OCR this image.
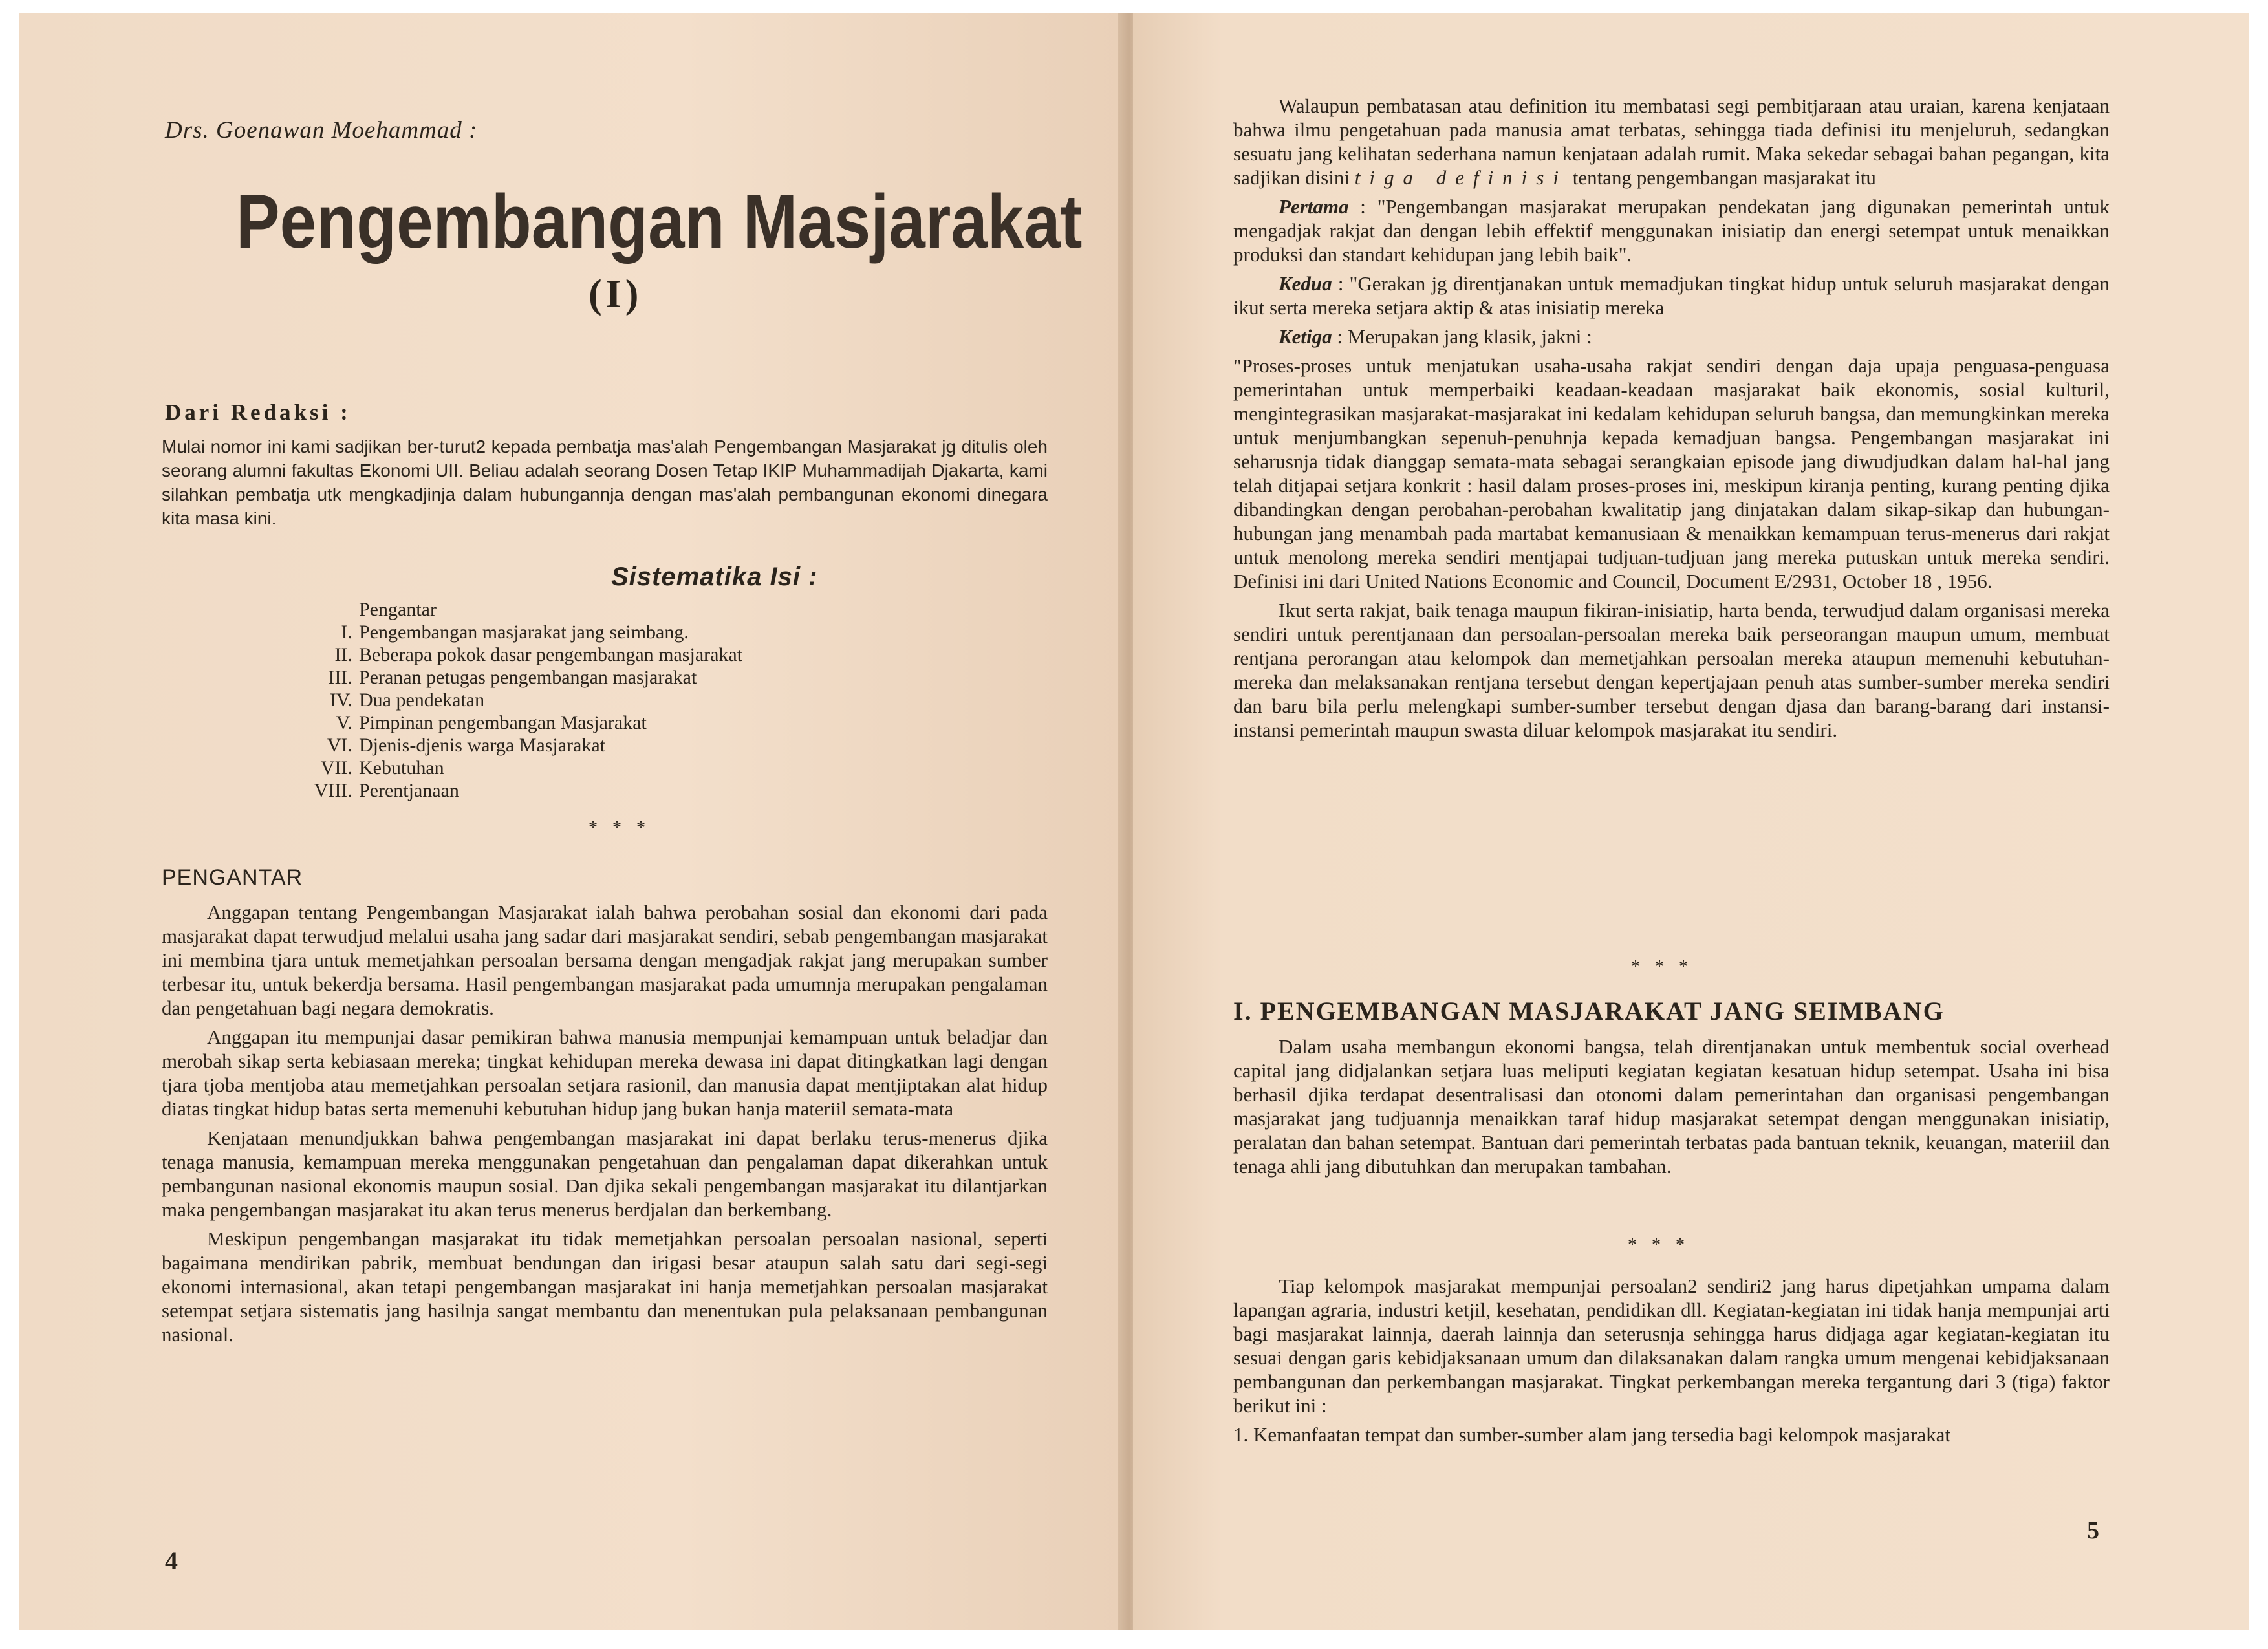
Drs. Goenawan Moehammad :
Pengembangan Masjarakat
(I)
Dari Redaksi :
Mulai nomor ini kami sadjikan ber-turut2 kepada pembatja mas'alah Pengembangan Masjarakat jg ditulis oleh seorang alumni fakultas Ekonomi UII. Beliau adalah seorang Dosen Tetap IKIP Muhammadijah Djakarta, kami silahkan pembatja utk mengkadjinja dalam hubungannja dengan mas'alah pembangunan ekonomi dinegara kita masa kini.
Sistematika Isi :
Pengantar
I. Pengembangan masjarakat jang seimbang.
II. Beberapa pokok dasar pengembangan masjarakat
III. Peranan petugas pengembangan masjarakat
IV. Dua pendekatan
V. Pimpinan pengembangan Masjarakat
VI. Djenis-djenis warga Masjarakat
VII. Kebutuhan
VIII. Perentjanaan
* * *
PENGANTAR

Anggapan tentang Pengembangan Masjarakat ialah bahwa perobahan sosial dan ekonomi dari pada masjarakat dapat terwudjud melalui usaha jang sadar dari masjarakat sendiri, sebab pengembangan masjarakat ini membina tjara untuk memetjahkan persoalan bersama dengan mengadjak rakjat jang merupakan sumber terbesar itu, untuk bekerdja bersama. Hasil pengembangan masjarakat pada umumnja merupakan pengalaman dan pengetahuan bagi negara demokratis.

Anggapan itu mempunjai dasar pemikiran bahwa manusia mempunjai kemampuan untuk beladjar dan merobah sikap serta kebiasaan mereka; tingkat kehidupan mereka dewasa ini dapat ditingkatkan lagi dengan tjara tjoba mentjoba atau memetjahkan persoalan setjara rasionil, dan manusia dapat mentjiptakan alat hidup diatas tingkat hidup batas serta memenuhi kebutuhan hidup jang bukan hanja materiil semata-mata

Kenjataan menundjukkan bahwa pengembangan masjarakat ini dapat berlaku terus-menerus djika tenaga manusia, kemampuan mereka menggunakan pengetahuan dan pengalaman dapat dikerahkan untuk pembangunan nasional ekonomis maupun sosial. Dan djika sekali pengembangan masjarakat itu dilantjarkan maka pengembangan masjarakat itu akan terus menerus berdjalan dan berkembang.

Meskipun pengembangan masjarakat itu tidak memetjahkan persoalan persoalan nasional, seperti bagaimana mendirikan pabrik, membuat bendungan dan irigasi besar ataupun salah satu dari segi-segi ekonomi internasional, akan tetapi pengembangan masjarakat ini hanja memetjahkan persoalan masjarakat setempat setjara sistematis jang hasilnja sangat membantu dan menentukan pula pelaksanaan pembangunan nasional.

4

Walaupun pembatasan atau definition itu membatasi segi pembitjaraan atau uraian, karena kenjataan bahwa ilmu pengetahuan pada manusia amat terbatas, sehingga tiada definisi itu menjeluruh, sedangkan sesuatu jang kelihatan sederhana namun kenjataan adalah rumit. Maka sekedar sebagai bahan pegangan, kita sadjikan disini tiga definisi tentang pengembangan masjarakat itu

Pertama : "Pengembangan masjarakat merupakan pendekatan jang digunakan pemerintah untuk mengadjak rakjat dan dengan lebih effektif menggunakan inisiatip dan energi setempat untuk menaikkan produksi dan standart kehidupan jang lebih baik".

Kedua : "Gerakan jg direntjanakan untuk memadjukan tingkat hidup untuk seluruh masjarakat dengan ikut serta mereka setjara aktip & atas inisiatip mereka

Ketiga : Merupakan jang klasik, jakni :

"Proses-proses untuk menjatukan usaha-usaha rakjat sendiri dengan daja upaja penguasa-penguasa pemerintahan untuk memperbaiki keadaan-keadaan masjarakat baik ekonomis, sosial kulturil, mengintegrasikan masjarakat-masjarakat ini kedalam kehidupan seluruh bangsa, dan memungkinkan mereka untuk menjumbangkan sepenuh-penuhnja kepada kemadjuan bangsa. Pengembangan masjarakat ini seharusnja tidak dianggap semata-mata sebagai serangkaian episode jang diwudjudkan dalam hal-hal jang telah ditjapai setjara konkrit : hasil dalam proses-proses ini, meskipun kiranja penting, kurang penting djika dibandingkan dengan perobahan-perobahan kwalitatip jang dinjatakan dalam sikap-sikap dan hubungan-hubungan jang menambah pada martabat kemanusiaan & menaikkan kemampuan terus-menerus dari rakjat untuk menolong mereka sendiri mentjapai tudjuan-tudjuan jang mereka putuskan untuk mereka sendiri. Definisi ini dari United Nations Economic and Council, Document E/2931, October 18 , 1956.

Ikut serta rakjat, baik tenaga maupun fikiran-inisiatip, harta benda, terwudjud dalam organisasi mereka sendiri untuk perentjanaan dan persoalan-persoalan mereka baik perseorangan maupun umum, membuat rentjana perorangan atau kelompok dan memetjahkan persoalan mereka ataupun memenuhi kebutuhan-mereka dan melaksanakan rentjana tersebut dengan kepertjajaan penuh atas sumber-sumber mereka sendiri dan baru bila perlu melengkapi sumber-sumber tersebut dengan djasa dan barang-barang dari instansi-instansi pemerintah maupun swasta diluar kelompok masjarakat itu sendiri.

* * *
I. PENGEMBANGAN MASJARAKAT JANG SEIMBANG

Dalam usaha membangun ekonomi bangsa, telah direntjanakan untuk membentuk social overhead capital jang didjalankan setjara luas meliputi kegiatan kegiatan kesatuan hidup setempat. Usaha ini bisa berhasil djika terdapat desentralisasi dan otonomi dalam pemerintahan dan organisasi pengembangan masjarakat jang tudjuannja menaikkan taraf hidup masjarakat setempat dengan menggunakan inisiatip, peralatan dan bahan setempat. Bantuan dari pemerintah terbatas pada bantuan teknik, keuangan, materiil dan tenaga ahli jang dibutuhkan dan merupakan tambahan.

* * *

Tiap kelompok masjarakat mempunjai persoalan2 sendiri2 jang harus dipetjahkan umpama dalam lapangan agraria, industri ketjil, kesehatan, pendidikan dll. Kegiatan-kegiatan ini tidak hanja mempunjai arti bagi masjarakat lainnja, daerah lainnja dan seterusnja sehingga harus didjaga agar kegiatan-kegiatan itu sesuai dengan garis kebidjaksanaan umum dan dilaksanakan dalam rangka umum mengenai kebidjaksanaan pembangunan dan perkembangan masjarakat. Tingkat perkembangan mereka tergantung dari 3 (tiga) faktor berikut ini :

1. Kemanfaatan tempat dan sumber-sumber alam jang tersedia bagi kelompok masjarakat

5
